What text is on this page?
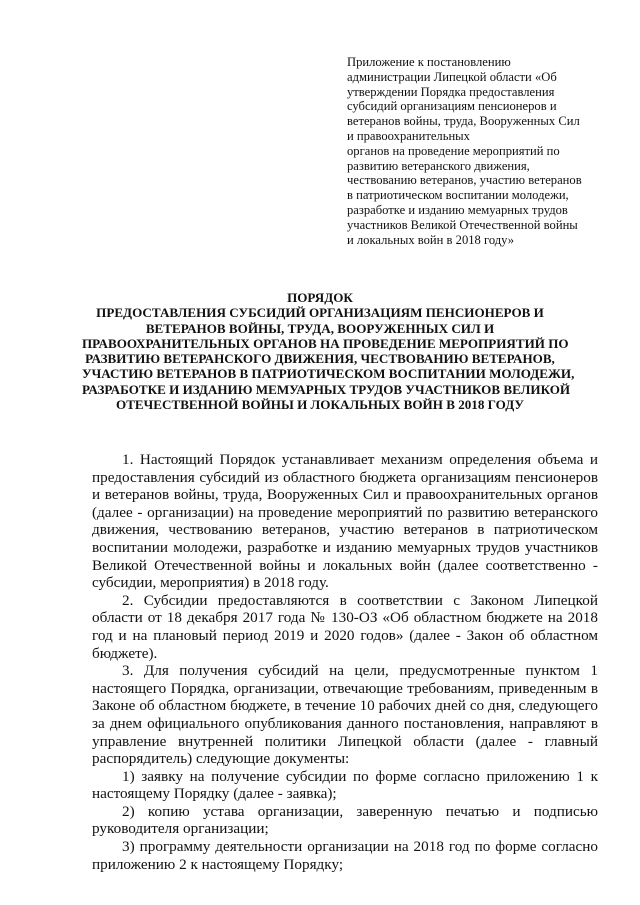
Приложение к постановлению
администрации Липецкой области «Об
утверждении Порядка предоставления
субсидий организациям пенсионеров и
ветеранов войны, труда, Вооруженных Сил
и правоохранительных
органов на проведение мероприятий по
развитию ветеранского движения,
чествованию ветеранов, участию ветеранов
в патриотическом воспитании молодежи,
разработке и изданию мемуарных трудов
участников Великой Отечественной войны
и локальных войн в 2018 году»
ПОРЯДОК
ПРЕДОСТАВЛЕНИЯ СУБСИДИЙ ОРГАНИЗАЦИЯМ ПЕНСИОНЕРОВ И
ВЕТЕРАНОВ ВОЙНЫ, ТРУДА, ВООРУЖЕННЫХ СИЛ И
ПРАВООХРАНИТЕЛЬНЫХ ОРГАНОВ НА ПРОВЕДЕНИЕ МЕРОПРИЯТИЙ ПО
РАЗВИТИЮ ВЕТЕРАНСКОГО ДВИЖЕНИЯ, ЧЕСТВОВАНИЮ ВЕТЕРАНОВ,
УЧАСТИЮ ВЕТЕРАНОВ В ПАТРИОТИЧЕСКОМ ВОСПИТАНИИ МОЛОДЕЖИ,
РАЗРАБОТКЕ И ИЗДАНИЮ МЕМУАРНЫХ ТРУДОВ УЧАСТНИКОВ ВЕЛИКОЙ
ОТЕЧЕСТВЕННОЙ ВОЙНЫ И ЛОКАЛЬНЫХ ВОЙН В 2018 ГОДУ

1. Настоящий Порядок устанавливает механизм определения объема и предоставления субсидий из областного бюджета организациям пенсионеров и ветеранов войны, труда, Вооруженных Сил и правоохранительных органов (далее - организации) на проведение мероприятий по развитию ветеранского движения, чествованию ветеранов, участию ветеранов в патриотическом воспитании молодежи, разработке и изданию мемуарных трудов участников Великой Отечественной войны и локальных войн (далее соответственно - субсидии, мероприятия) в 2018 году.

2. Субсидии предоставляются в соответствии с Законом Липецкой области от 18 декабря 2017 года № 130-ОЗ «Об областном бюджете на 2018 год и на плановый период 2019 и 2020 годов» (далее - Закон об областном бюджете).

3. Для получения субсидий на цели, предусмотренные пунктом 1 настоящего Порядка, организации, отвечающие требованиям, приведенным в Законе об областном бюджете, в течение 10 рабочих дней со дня, следующего за днем официального опубликования данного постановления, направляют в управление внутренней политики Липецкой области (далее - главный распорядитель) следующие документы:

1) заявку на получение субсидии по форме согласно приложению 1 к настоящему Порядку (далее - заявка);

2) копию устава организации, заверенную печатью и подписью руководителя организации;

3) программу деятельности организации на 2018 год по форме согласно приложению 2 к настоящему Порядку;
